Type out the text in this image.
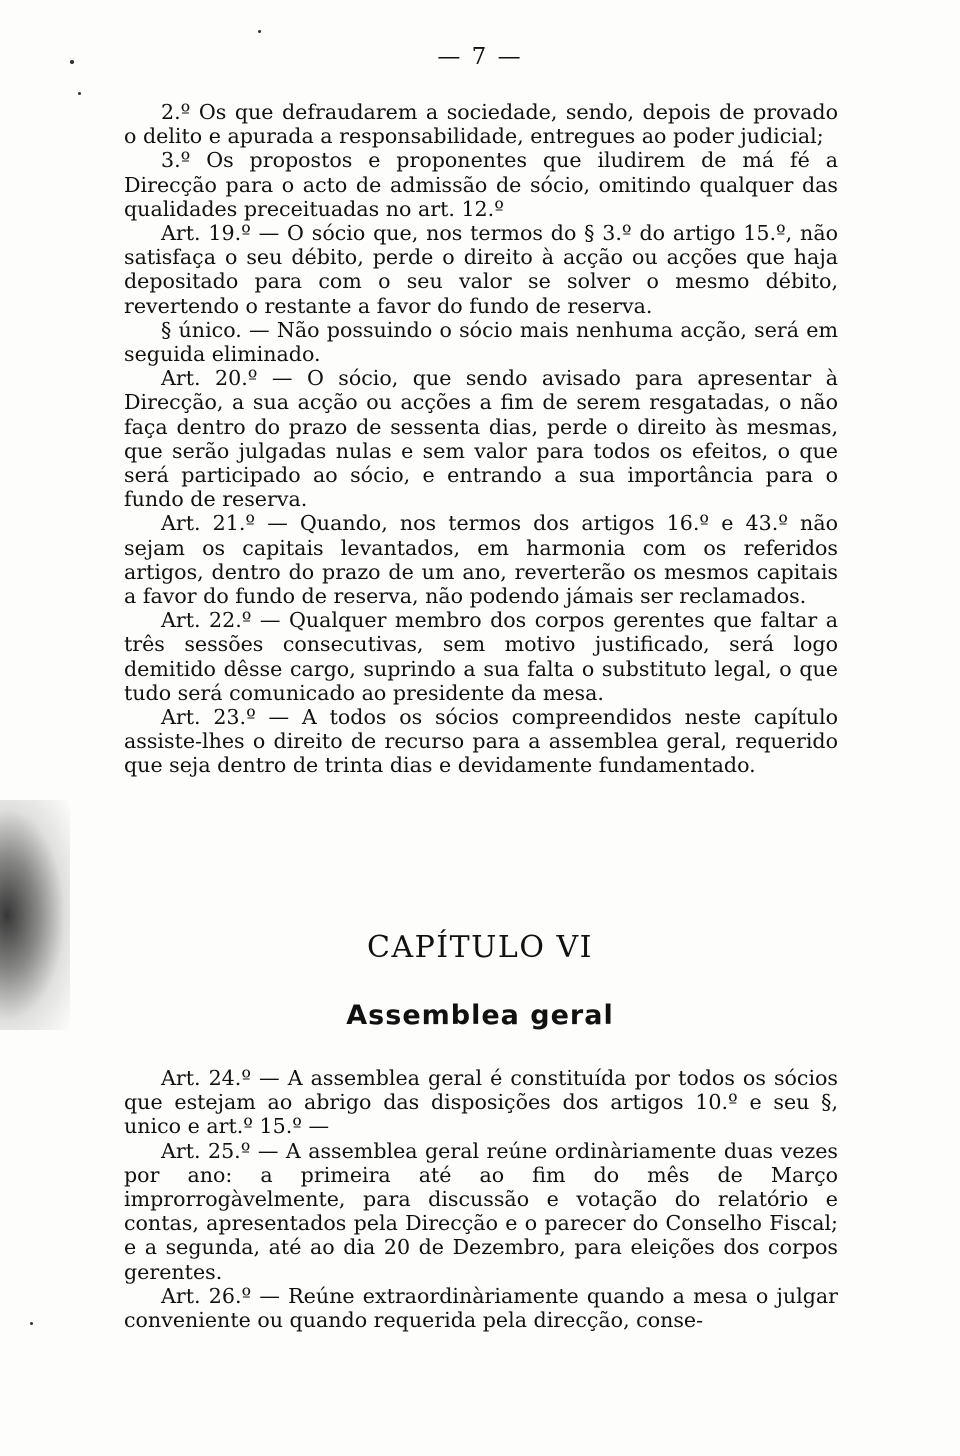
— 7 —

2.º Os que defraudarem a sociedade, sendo, depois de provado o delito e apurada a responsabilidade, entregues ao poder judicial;

3.º Os propostos e proponentes que iludirem de má fé a Direcção para o acto de admissão de sócio, omitindo qualquer das qualidades preceituadas no art. 12.º

Art. 19.º — O sócio que, nos termos do § 3.º do artigo 15.º, não satisfaça o seu débito, perde o direito à acção ou acções que haja depositado para com o seu valor se solver o mesmo débito, revertendo o restante a favor do fundo de reserva.

§ único. — Não possuindo o sócio mais nenhuma acção, será em seguida eliminado.

Art. 20.º — O sócio, que sendo avisado para apresentar à Direcção, a sua acção ou acções a fim de serem resgatadas, o não faça dentro do prazo de sessenta dias, perde o direito às mesmas, que serão julgadas nulas e sem valor para todos os efeitos, o que será participado ao sócio, e entrando a sua importância para o fundo de reserva.

Art. 21.º — Quando, nos termos dos artigos 16.º e 43.º não sejam os capitais levantados, em harmonia com os referidos artigos, dentro do prazo de um ano, reverterão os mesmos capitais a favor do fundo de reserva, não podendo jámais ser reclamados.

Art. 22.º — Qualquer membro dos corpos gerentes que faltar a três sessões consecutivas, sem motivo justificado, será logo demitido dêsse cargo, suprindo a sua falta o substituto legal, o que tudo será comunicado ao presidente da mesa.

Art. 23.º — A todos os sócios compreendidos neste capítulo assiste-lhes o direito de recurso para a assemblea geral, requerido que seja dentro de trinta dias e devidamente fundamentado.

CAPÍTULO VI
Assemblea geral

Art. 24.º — A assemblea geral é constituída por todos os sócios que estejam ao abrigo das disposições dos artigos 10.º e seu §, unico e art.º 15.º —

Art. 25.º — A assemblea geral reúne ordinàriamente duas vezes por ano: a primeira até ao fim do mês de Março improrrogàvelmente, para discussão e votação do relatório e contas, apresentados pela Direcção e o parecer do Conselho Fiscal; e a segunda, até ao dia 20 de Dezembro, para eleições dos corpos gerentes.

Art. 26.º — Reúne extraordinàriamente quando a mesa o julgar conveniente ou quando requerida pela direcção, conse-
